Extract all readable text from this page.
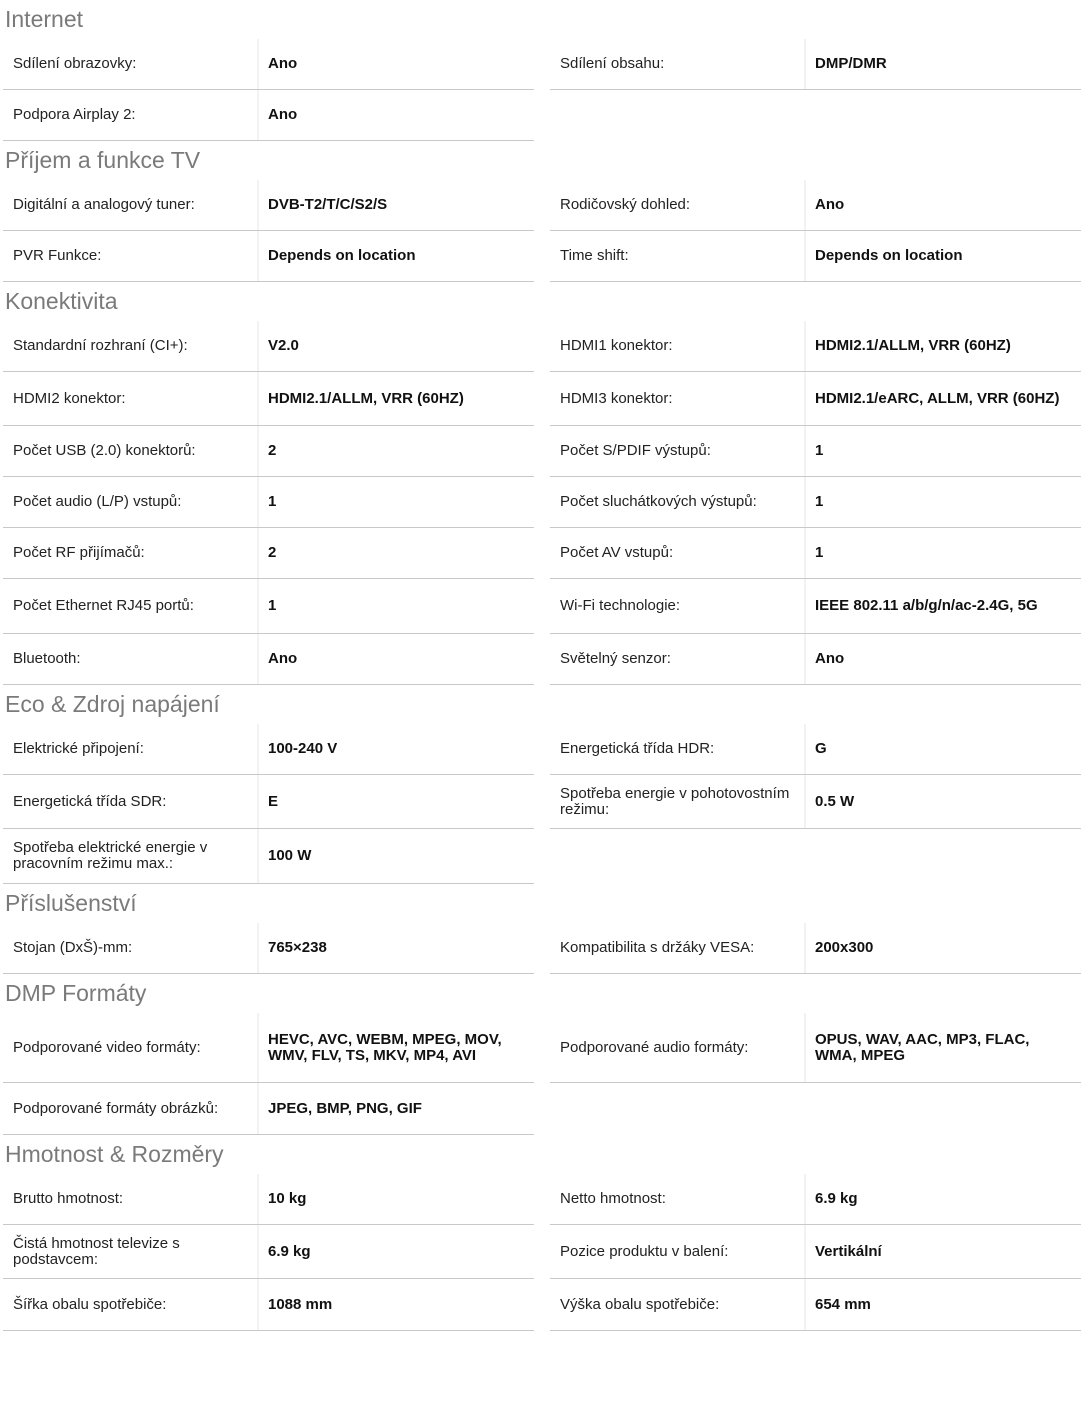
Internet
Sdílení obrazovky:	Ano	Sdílení obsahu:	DMP/DMR
Podpora Airplay 2:	Ano
Příjem a funkce TV
Digitální a analogový tuner:	DVB-T2/T/C/S2/S	Rodičovský dohled:	Ano
PVR Funkce:	Depends on location	Time shift:	Depends on location
Konektivita
Standardní rozhraní (CI+):	V2.0	HDMI1 konektor:	HDMI2.1/ALLM, VRR (60HZ)
HDMI2 konektor:	HDMI2.1/ALLM, VRR (60HZ)	HDMI3 konektor:	HDMI2.1/eARC, ALLM, VRR (60HZ)
Počet USB (2.0) konektorů:	2	Počet S/PDIF výstupů:	1
Počet audio (L/P) vstupů:	1	Počet sluchátkových výstupů:	1
Počet RF přijímačů:	2	Počet AV vstupů:	1
Počet Ethernet RJ45 portů:	1	Wi-Fi technologie:	IEEE 802.11 a/b/g/n/ac-2.4G, 5G
Bluetooth:	Ano	Světelný senzor:	Ano
Eco & Zdroj napájení
Elektrické připojení:	100-240 V	Energetická třída HDR:	G
Energetická třída SDR:	E	Spotřeba energie v pohotovostním režimu:	0.5 W
Spotřeba elektrické energie v pracovním režimu max.:	100 W
Příslušenství
Stojan (DxŠ)-mm:	765×238	Kompatibilita s držáky VESA:	200x300
DMP Formáty
Podporované video formáty:	HEVC, AVC, WEBM, MPEG, MOV, WMV, FLV, TS, MKV, MP4, AVI	Podporované audio formáty:	OPUS, WAV, AAC, MP3, FLAC, WMA, MPEG
Podporované formáty obrázků:	JPEG, BMP, PNG, GIF
Hmotnost & Rozměry
Brutto hmotnost:	10 kg	Netto hmotnost:	6.9 kg
Čistá hmotnost televize s podstavcem:	6.9 kg	Pozice produktu v balení:	Vertikální
Šířka obalu spotřebiče:	1088 mm	Výška obalu spotřebiče:	654 mm
